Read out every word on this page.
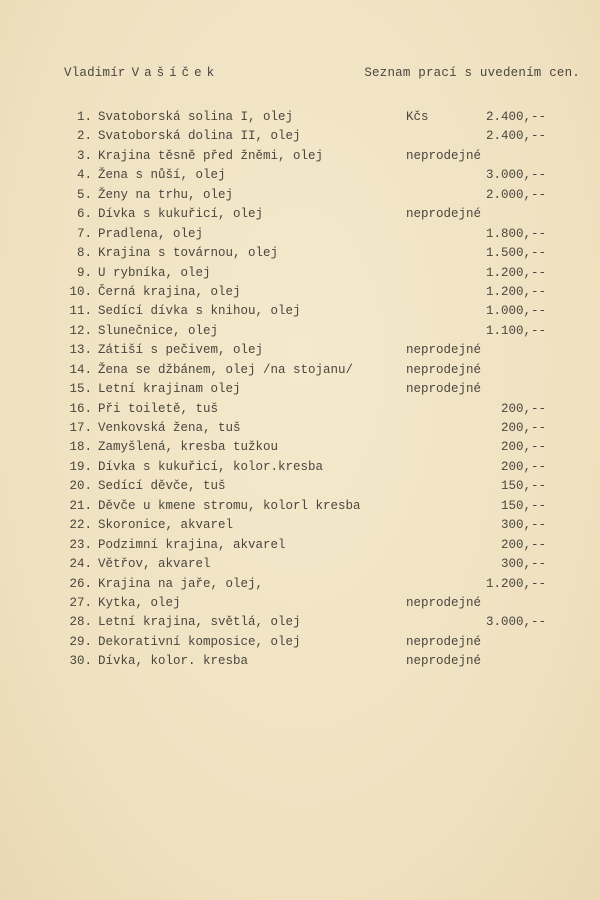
Vladimír Vašíček	Seznam prací s uvedením cen.
1. Svatoborská solina I, olej	Kčs	2.400,--
2. Svatoborská dolina II, olej	2.400,--
3. Krajina těsně před žněmi, olej	neprodejné
4. Žena s nůší, olej	3.000,--
5. Ženy na trhu, olej	2.000,--
6. Dívka s kukuřicí, olej	neprodejné
7. Pradlena, olej	1.800,--
8. Krajina s továrnou, olej	1.500,--
9. U rybníka, olej	1.200,--
10. Černá krajina, olej	1.200,--
11. Sedící dívka s knihou, olej	1.000,--
12. Slunečnice, olej	1.100,--
13. Zátiší s pečivem, olej	neprodejné
14. Žena se džbánem, olej /na stojanu/	neprodejné
15. Letní krajinam olej	neprodejné
16. Při toiletě, tuš	200,--
17. Venkovská žena, tuš	200,--
18. Zamyšlená, kresba tužkou	200,--
19. Dívka s kukuřicí, kolor.kresba	200,--
20. Sedící děvče, tuš	150,--
21. Děvče u kmene stromu, kolorl kresba	150,--
22. Skoronice, akvarel	300,--
23. Podzimní krajina, akvarel	200,--
24. Větřov, akvarel	300,--
26. Krajina na jaře, olej,	1.200,--
27. Kytka, olej	neprodejné
28. Letní krajina, světlá, olej	3.000,--
29. Dekorativní komposice, olej	neprodejné
30. Dívka, kolor. kresba	neprodejné
